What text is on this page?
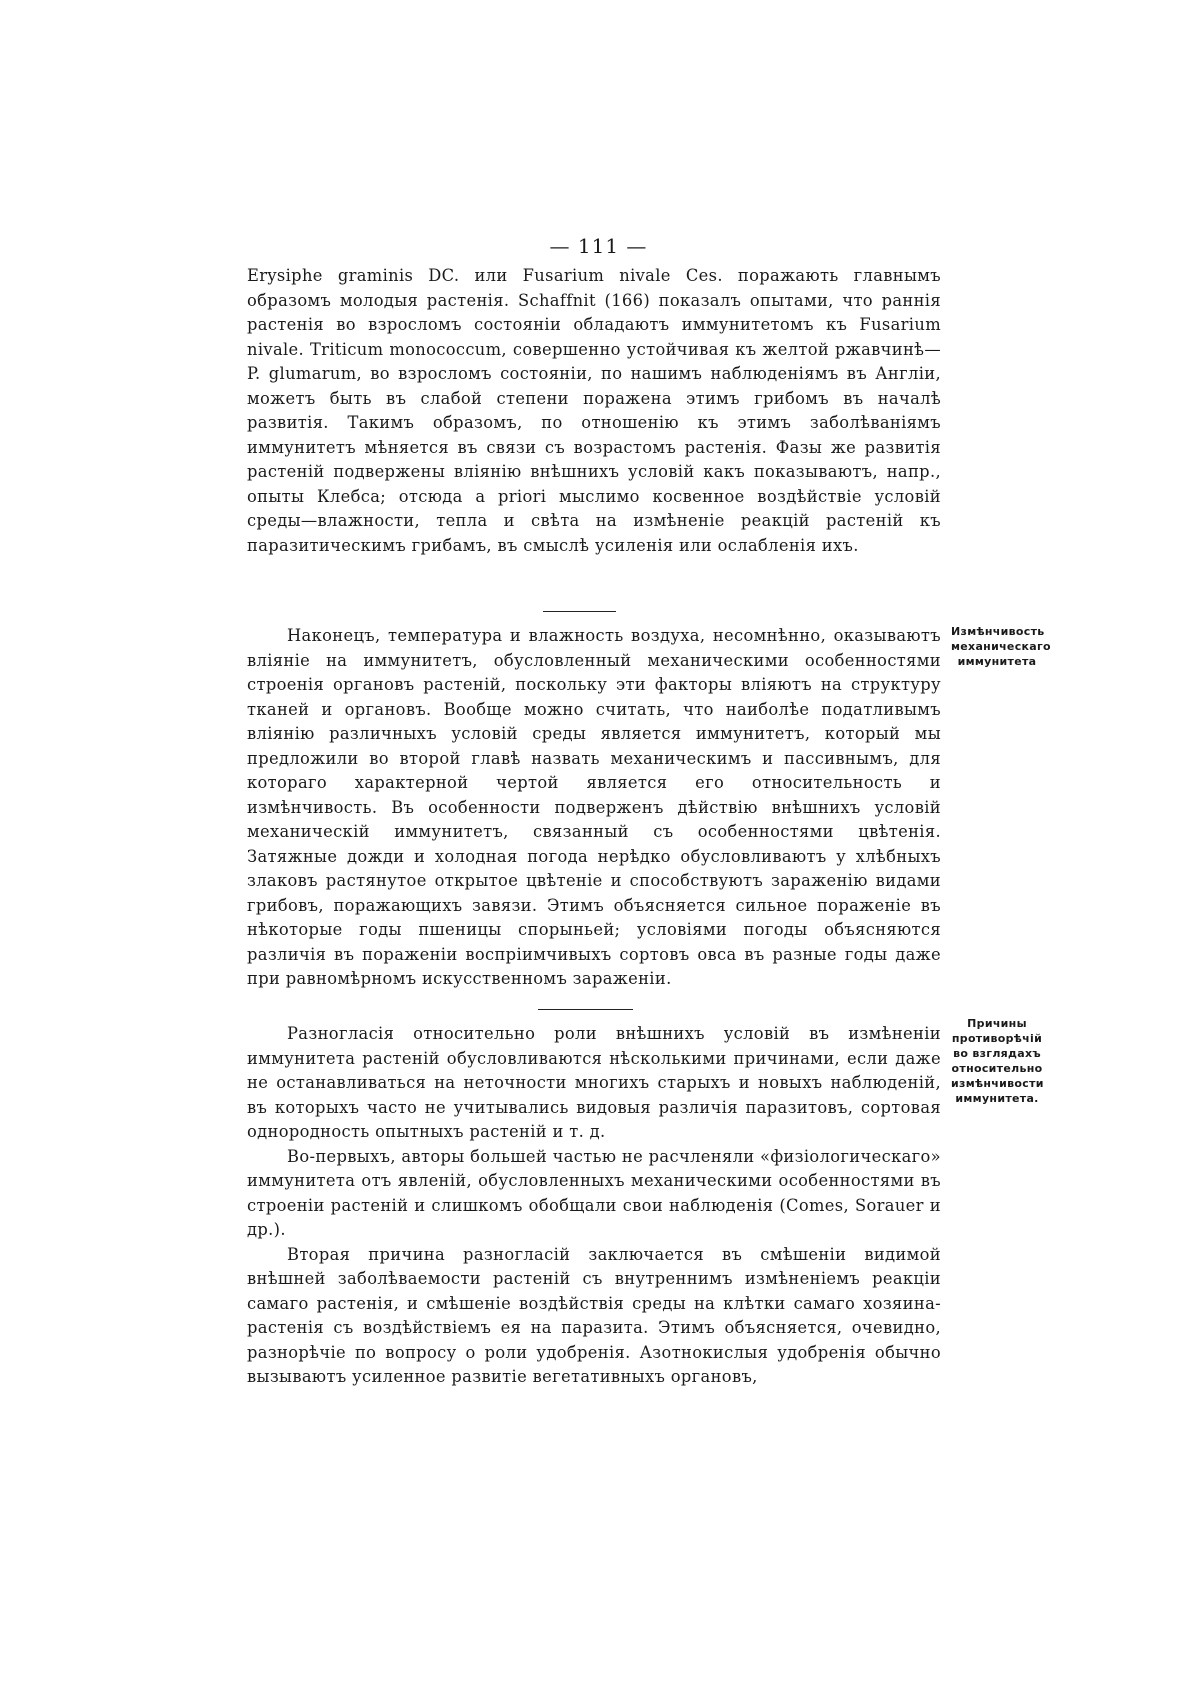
— 111 —

Erysiphe graminis DC. или Fusarium nivale Ces. поражають главнымъ образомъ молодыя растенія. Schaffnit (166) показалъ опытами, что раннія растенія во взросломъ состояніи обладаютъ иммунитетомъ къ Fusarium nivale. Triticum monococcum, совершенно устойчивая къ желтой ржавчинѣ—P. glumarum, во взросломъ состояніи, по нашимъ наблюденіямъ въ Англіи, можетъ быть въ слабой степени поражена этимъ грибомъ въ началѣ развитія. Такимъ образомъ, по отношенію къ этимъ заболѣваніямъ иммунитетъ мѣняется въ связи съ возрастомъ растенія. Фазы же развитія растеній подвержены вліянію внѣшнихъ условій какъ показываютъ, напр., опыты Клебса; отсюда a priori мыслимо косвенное воздѣйствіе условій среды—влажности, тепла и свѣта на измѣненіе реакцій растеній къ паразитическимъ грибамъ, въ смыслѣ усиленія или ослабленія ихъ.

Наконецъ, температура и влажность воздуха, несомнѣнно, оказываютъ вліяніе на иммунитетъ, обусловленный механическими особенностями строенія органовъ растеній, поскольку эти факторы вліяютъ на структуру тканей и органовъ. Вообще можно считать, что наиболѣе податливымъ вліянію различныхъ условій среды является иммунитетъ, который мы предложили во второй главѣ назвать механическимъ и пассивнымъ, для котораго характерной чертой является его относительность и измѣнчивость. Въ особенности подверженъ дѣйствію внѣшнихъ условій механическій иммунитетъ, связанный съ особенностями цвѣтенія. Затяжные дожди и холодная погода нерѣдко обусловливаютъ у хлѣбныхъ злаковъ растянутое открытое цвѣтеніе и способствуютъ зараженію видами грибовъ, поражающихъ завязи. Этимъ объясняется сильное пораженіе въ нѣкоторые годы пшеницы спорыньей; условіями погоды объясняются различія въ пораженіи воспріимчивыхъ сортовъ овса въ разные годы даже при равномѣрномъ искусственномъ зараженіи.

Измѣнчивость механическаго иммунитета

Разногласія относительно роли внѣшнихъ условій въ измѣненіи иммунитета растеній обусловливаются нѣсколькими причинами, если даже не останавливаться на неточности многихъ старыхъ и новыхъ наблюденій, въ которыхъ часто не учитывались видовыя различія паразитовъ, сортовая однородность опытныхъ растеній и т. д.

Во-первыхъ, авторы большей частью не расчленяли «физіологическаго» иммунитета отъ явленій, обусловленныхъ механическими особенностями въ строеніи растеній и слишкомъ обобщали свои наблюденія (Comes, Sorauer и др.).

Вторая причина разногласій заключается въ смѣшеніи видимой внѣшней заболѣваемости растеній съ внутреннимъ измѣненіемъ реакціи самаго растенія, и смѣшеніе воздѣйствія среды на клѣтки самаго хозяина-растенія съ воздѣйствіемъ ея на паразита. Этимъ объясняется, очевидно, разнорѣчіе по вопросу о роли удобренія. Азотнокислыя удобренія обычно вызываютъ усиленное развитіе вегетативныхъ органовъ,

Причины противорѣчій во взглядахъ относительно измѣнчивости иммунитета.
